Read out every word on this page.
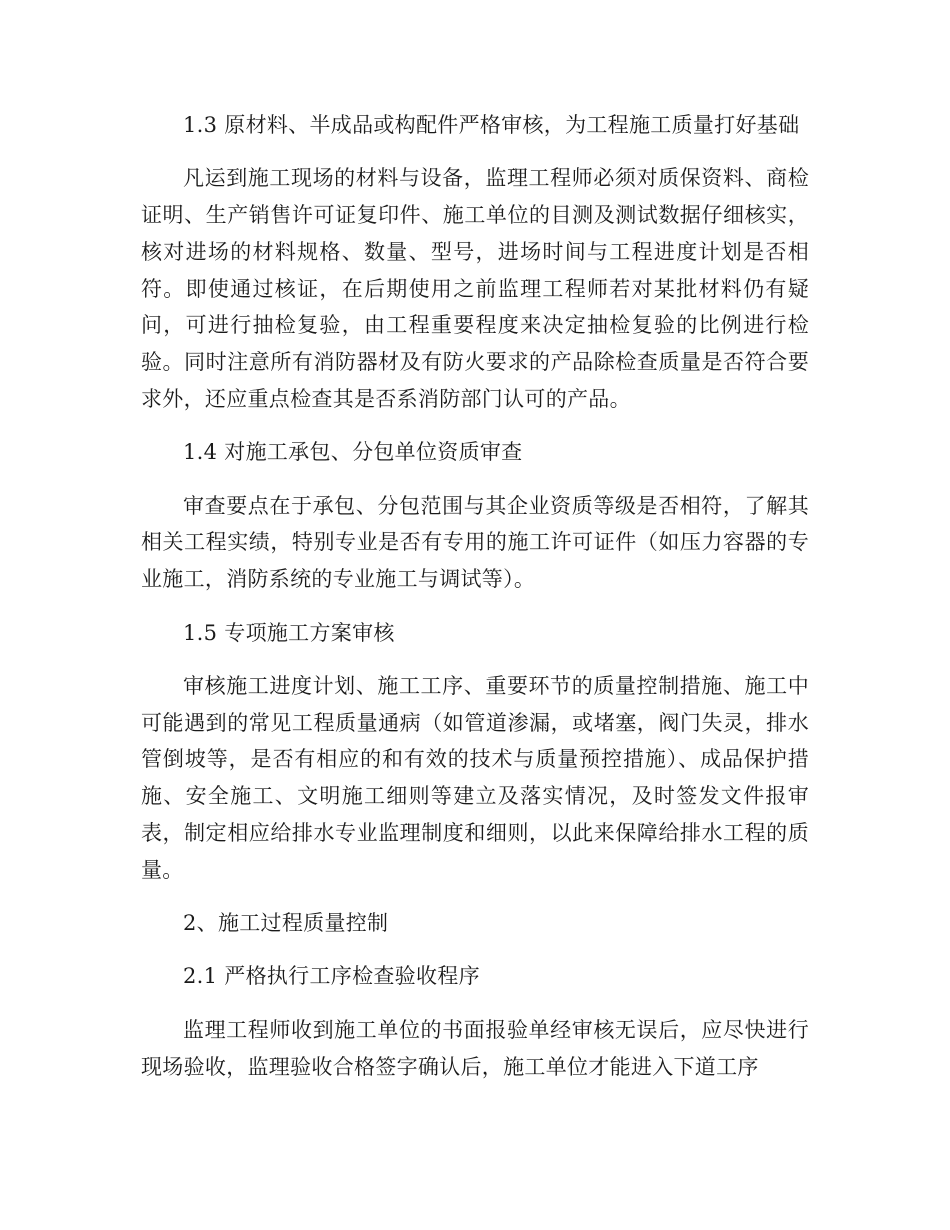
1.3 原材料、半成品或构配件严格审核，为工程施工质量打好基础

凡运到施工现场的材料与设备，监理工程师必须对质保资料、商检证明、生产销售许可证复印件、施工单位的目测及测试数据仔细核实，核对进场的材料规格、数量、型号，进场时间与工程进度计划是否相符。即使通过核证，在后期使用之前监理工程师若对某批材料仍有疑问，可进行抽检复验，由工程重要程度来决定抽检复验的比例进行检验。同时注意所有消防器材及有防火要求的产品除检查质量是否符合要求外，还应重点检查其是否系消防部门认可的产品。

1.4 对施工承包、分包单位资质审查

审查要点在于承包、分包范围与其企业资质等级是否相符，了解其相关工程实绩，特别专业是否有专用的施工许可证件（如压力容器的专业施工，消防系统的专业施工与调试等）。

1.5 专项施工方案审核

审核施工进度计划、施工工序、重要环节的质量控制措施、施工中可能遇到的常见工程质量通病（如管道渗漏，或堵塞，阀门失灵，排水管倒坡等，是否有相应的和有效的技术与质量预控措施）、成品保护措施、安全施工、文明施工细则等建立及落实情况，及时签发文件报审表，制定相应给排水专业监理制度和细则，以此来保障给排水工程的质量。

2、施工过程质量控制

2.1 严格执行工序检查验收程序

监理工程师收到施工单位的书面报验单经审核无误后，应尽快进行现场验收，监理验收合格签字确认后，施工单位才能进入下道工序
